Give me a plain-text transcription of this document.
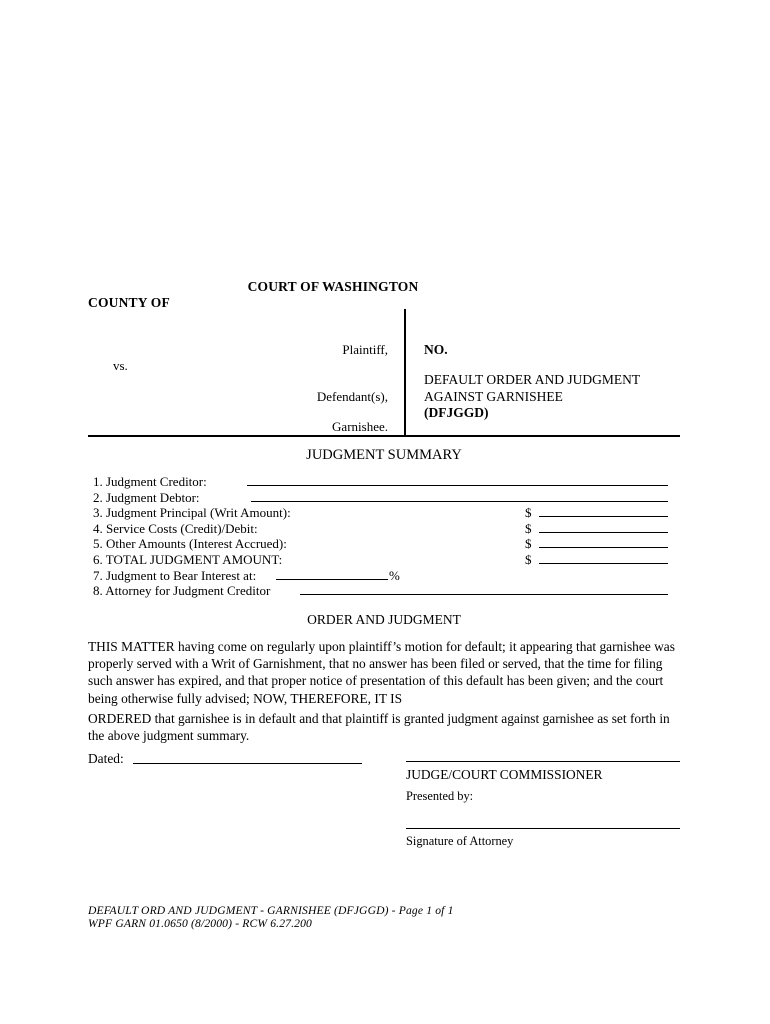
COURT OF WASHINGTON
COUNTY OF
Plaintiff,
vs.
Defendant(s),
Garnishee.
NO.
DEFAULT ORDER AND JUDGMENT AGAINST GARNISHEE
(DFJGGD)
JUDGMENT SUMMARY
1. Judgment Creditor:
2. Judgment Debtor:
3. Judgment Principal (Writ Amount):	$
4. Service Costs (Credit)/Debit:	$
5. Other Amounts (Interest Accrued):	$
6. TOTAL JUDGMENT AMOUNT:	$
7. Judgment to Bear Interest at:	%
8. Attorney for Judgment Creditor
ORDER AND JUDGMENT
THIS MATTER having come on regularly upon plaintiff’s motion for default; it appearing that garnishee was properly served with a Writ of Garnishment, that no answer has been filed or served, that the time for filing such answer has expired, and that proper notice of presentation of this default has been given; and the court being otherwise fully advised; NOW, THEREFORE, IT IS
ORDERED that garnishee is in default and that plaintiff is granted judgment against garnishee as set forth in the above judgment summary.
Dated:
JUDGE/COURT COMMISSIONER
Presented by:
Signature of Attorney
DEFAULT ORD AND JUDGMENT - GARNISHEE (DFJGGD) - Page 1 of 1
WPF GARN 01.0650 (8/2000) - RCW 6.27.200
